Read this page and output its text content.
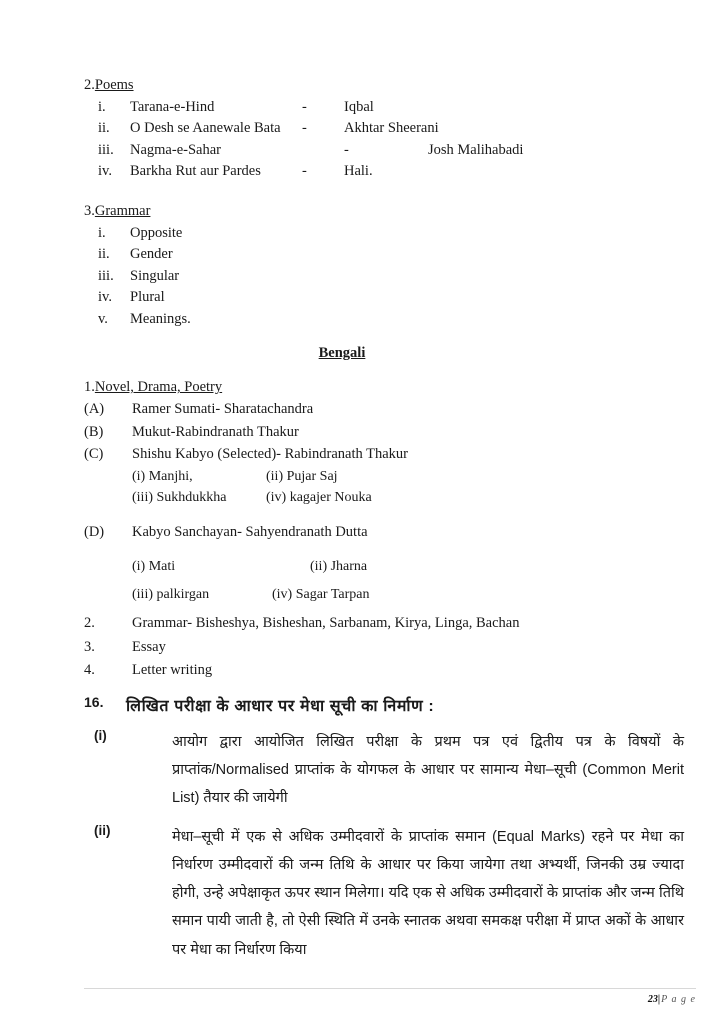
2.Poems
i.	Tarana-e-Hind	-	Iqbal
ii.	O Desh se Aanewale Bata	-	Akhtar Sheerani
iii.	Nagma-e-Sahar	-	Josh Malihabadi
iv.	Barkha Rut aur Pardes	-	Hali.
3.Grammar
i.	Opposite
ii.	Gender
iii.	Singular
iv.	Plural
v.	Meanings.
Bengali
1.Novel, Drama, Poetry
(A)	Ramer Sumati- Sharatachandra
(B)	Mukut-Rabindranath Thakur
(C)	Shishu Kabyo (Selected)- Rabindranath Thakur
(i) Manjhi,	(ii) Pujar Saj
(iii) Sukhdukkha	(iv) kagajer Nouka
(D)	Kabyo Sanchayan- Sahyendranath Dutta
(i) Mati	(ii) Jharna
(iii) palkirgan	(iv) Sagar Tarpan
2.	Grammar- Bisheshya, Bisheshan, Sarbanam, Kirya, Linga, Bachan
3.	Essay
4.	Letter writing
16.	लिखित परीक्षा के आधार पर मेधा सूची का निर्माण :
(i)	आयोग द्वारा आयोजित लिखित परीक्षा के प्रथम पत्र एवं द्वितीय पत्र के विषयों के प्राप्तांक/Normalised प्राप्तांक के योगफल के आधार पर सामान्य मेधा–सूची (Common Merit List) तैयार की जायेगी
(ii)	मेधा–सूची में एक से अधिक उम्मीदवारों के प्राप्तांक समान (Equal Marks) रहने पर मेधा का निर्धारण उम्मीदवारों की जन्म तिथि के आधार पर किया जायेगा तथा अभ्यर्थी, जिनकी उम्र ज्यादा होगी, उन्हे अपेक्षाकृत ऊपर स्थान मिलेगा। यदि एक से अधिक उम्मीदवारों के प्राप्तांक और जन्म तिथि समान पायी जाती है, तो ऐसी स्थिति में उनके स्नातक अथवा समकक्ष परीक्षा में प्राप्त अकों के आधार पर मेधा का निर्धारण किया
23|P a g e
